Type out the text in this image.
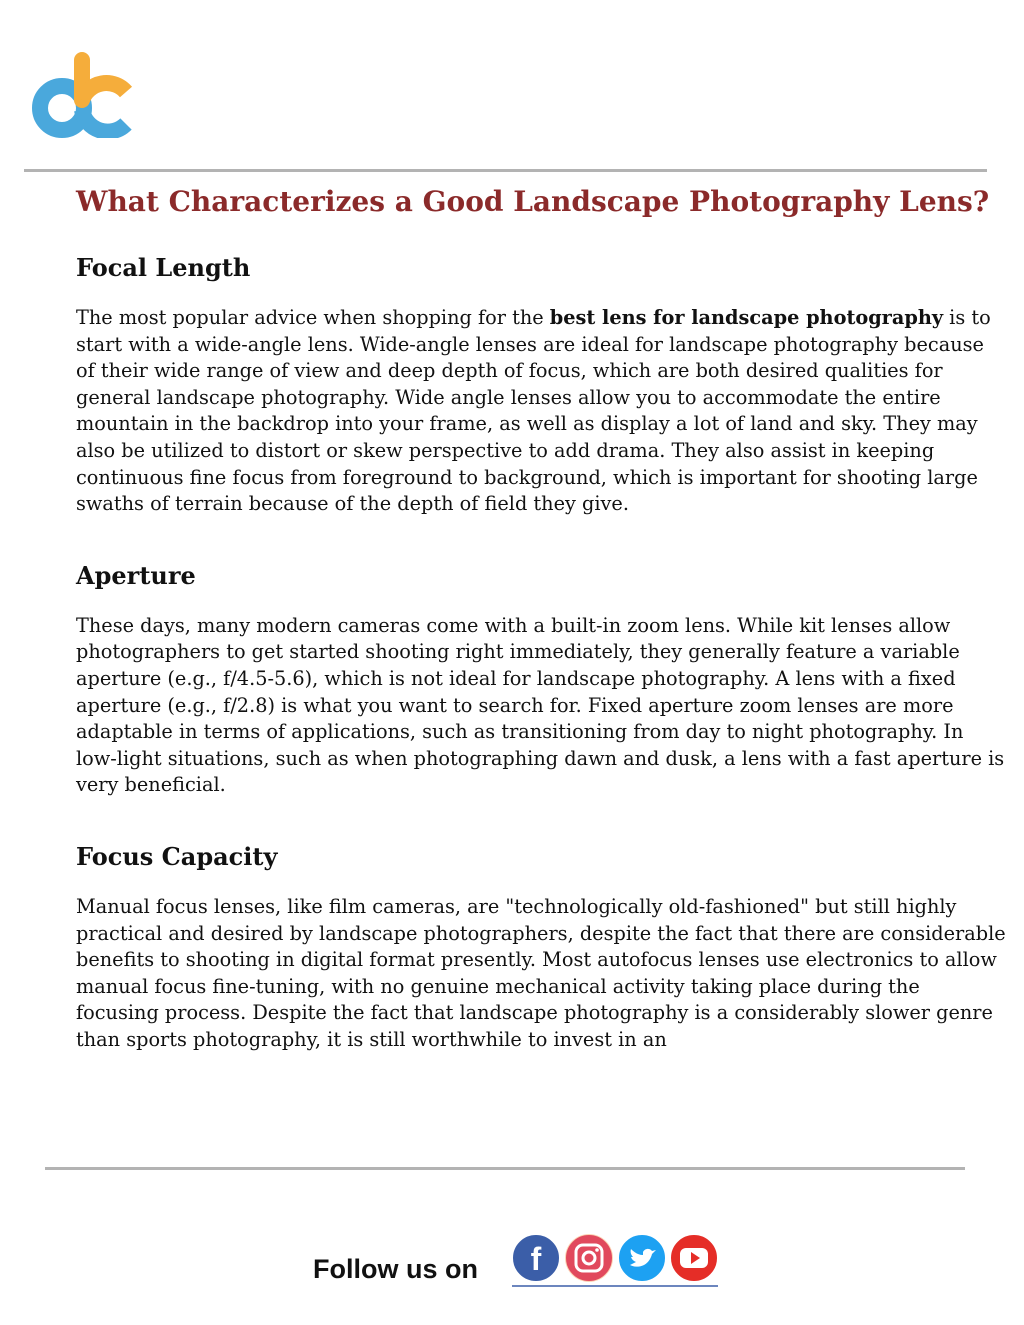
What Characterizes a Good Landscape Photography Lens?
Focal Length

The most popular advice when shopping for the best lens for landscape photography is to start with a wide-angle lens. Wide-angle lenses are ideal for landscape photography because of their wide range of view and deep depth of focus, which are both desired qualities for general landscape photography. Wide angle lenses allow you to accommodate the entire mountain in the backdrop into your frame, as well as display a lot of land and sky. They may also be utilized to distort or skew perspective to add drama. They also assist in keeping continuous fine focus from foreground to background, which is important for shooting large swaths of terrain because of the depth of field they give.

Aperture

These days, many modern cameras come with a built-in zoom lens. While kit lenses allow photographers to get started shooting right immediately, they generally feature a variable aperture (e.g., f/4.5-5.6), which is not ideal for landscape photography. A lens with a fixed aperture (e.g., f/2.8) is what you want to search for. Fixed aperture zoom lenses are more adaptable in terms of applications, such as transitioning from day to night photography. In low-light situations, such as when photographing dawn and dusk, a lens with a fast aperture is very beneficial.

Focus Capacity

Manual focus lenses, like film cameras, are "technologically old-fashioned" but still highly practical and desired by landscape photographers, despite the fact that there are considerable benefits to shooting in digital format presently. Most autofocus lenses use electronics to allow manual focus fine-tuning, with no genuine mechanical activity taking place during the focusing process. Despite the fact that landscape photography is a considerably slower genre than sports photography, it is still worthwhile to invest in an

Follow us on f
